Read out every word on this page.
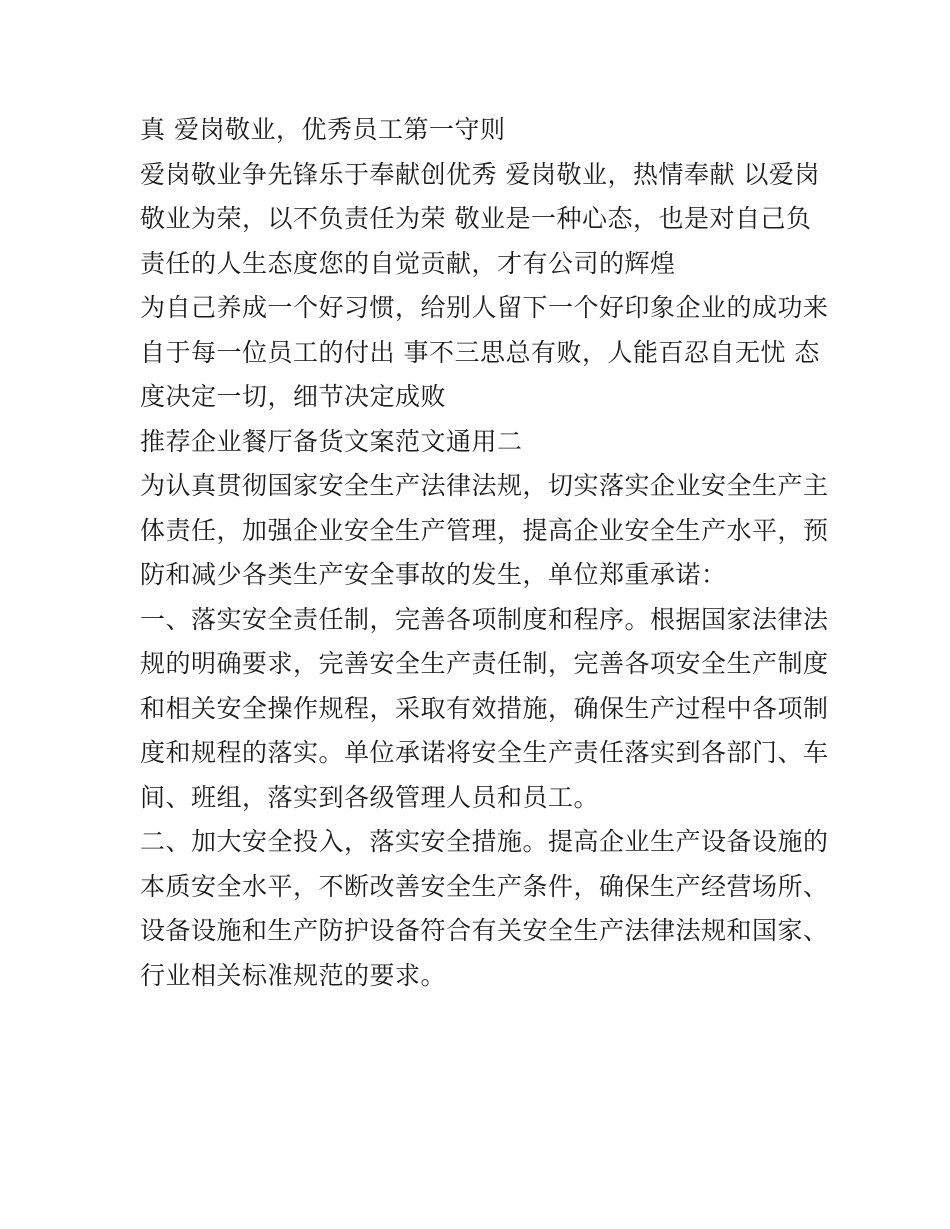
真 爱岗敬业，优秀员工第一守则
爱岗敬业争先锋乐于奉献创优秀 爱岗敬业，热情奉献 以爱岗
敬业为荣，以不负责任为荣 敬业是一种心态，也是对自己负
责任的人生态度您的自觉贡献，才有公司的辉煌
为自己养成一个好习惯，给别人留下一个好印象企业的成功来
自于每一位员工的付出 事不三思总有败，人能百忍自无忧 态
度决定一切，细节决定成败
推荐企业餐厅备货文案范文通用二
为认真贯彻国家安全生产法律法规，切实落实企业安全生产主
体责任，加强企业安全生产管理，提高企业安全生产水平，预
防和减少各类生产安全事故的发生，单位郑重承诺：
一、落实安全责任制，完善各项制度和程序。根据国家法律法
规的明确要求，完善安全生产责任制，完善各项安全生产制度
和相关安全操作规程，采取有效措施，确保生产过程中各项制
度和规程的落实。单位承诺将安全生产责任落实到各部门、车
间、班组，落实到各级管理人员和员工。
二、加大安全投入，落实安全措施。提高企业生产设备设施的
本质安全水平，不断改善安全生产条件，确保生产经营场所、
设备设施和生产防护设备符合有关安全生产法律法规和国家、
行业相关标准规范的要求。
